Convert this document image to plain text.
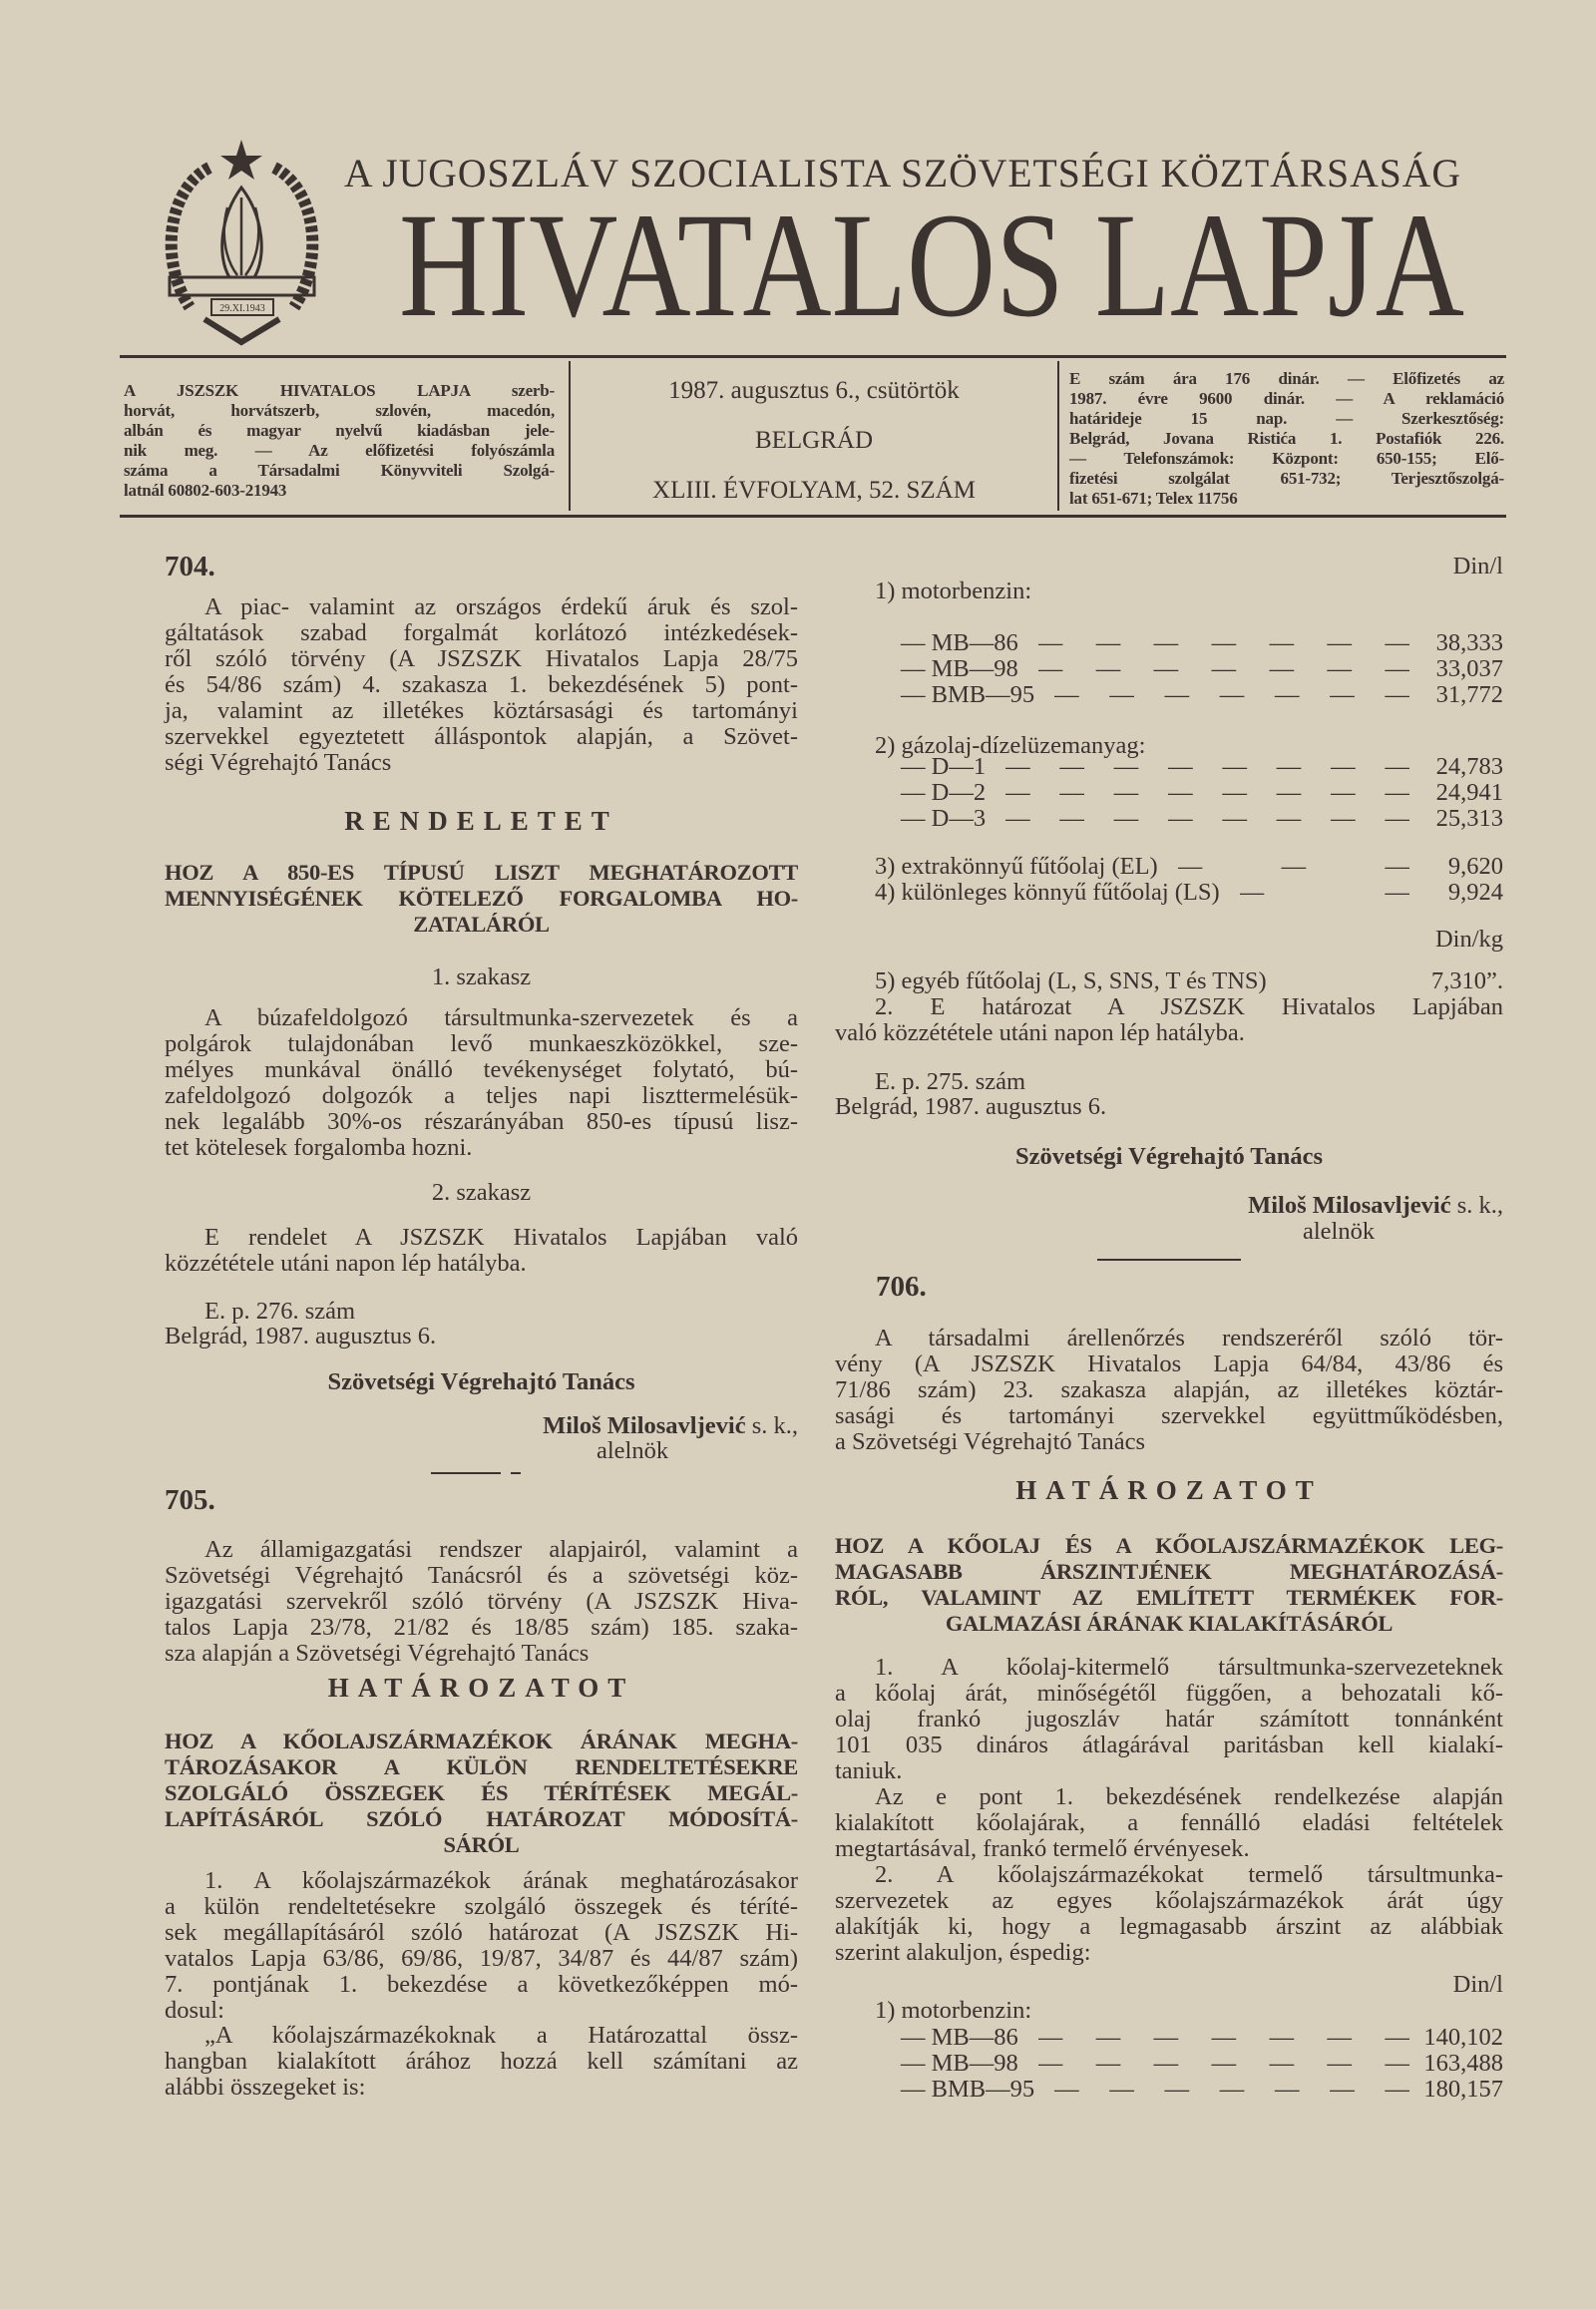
29.XI.1943
A JUGOSZLÁV SZOCIALISTA SZÖVETSÉGI KÖZTÁRSASÁG
HIVATALOS LAPJA
A JSZSZK HIVATALOS LAPJA szerb-
horvát, horvátszerb, szlovén, macedón,
albán és magyar nyelvű kiadásban jele-
nik meg. — Az előfizetési folyószámla
száma a Társadalmi Könyvviteli Szolgá-
latnál 60802-603-21943
1987. augusztus 6., csütörtök
BELGRÁD
XLIII. ÉVFOLYAM, 52. SZÁM
E szám ára 176 dinár. — Előfizetés az
1987. évre 9600 dinár. — A reklamáció
határideje 15 nap. — Szerkesztőség:
Belgrád, Jovana Ristića 1. Postafiók 226.
— Telefonszámok: Központ: 650-155; Elő-
fizetési szolgálat 651-732; Terjesztőszolgá-
lat 651-671; Telex 11756
704.
A piac- valamint az országos érdekű áruk és szol-
gáltatások szabad forgalmát korlátozó intézkedések-
ről szóló törvény (A JSZSZK Hivatalos Lapja 28/75
és 54/86 szám) 4. szakasza 1. bekezdésének 5) pont-
ja, valamint az illetékes köztársasági és tartományi
szervekkel egyeztetett álláspontok alapján, a Szövet-
ségi Végrehajtó Tanács
RENDELETET
HOZ A 850-ES TÍPUSÚ LISZT MEGHATÁROZOTT
MENNYISÉGÉNEK KÖTELEZŐ FORGALOMBA HO-
ZATALÁRÓL
1. szakasz
A búzafeldolgozó társultmunka-szervezetek és a
polgárok tulajdonában levő munkaeszközökkel, sze-
mélyes munkával önálló tevékenységet folytató, bú-
zafeldolgozó dolgozók a teljes napi liszttermelésük-
nek legalább 30%-os részarányában 850-es típusú lisz-
tet kötelesek forgalomba hozni.
2. szakasz
E rendelet A JSZSZK Hivatalos Lapjában való
közzététele utáni napon lép hatályba.
E. p. 276. szám
Belgrád, 1987. augusztus 6.
Szövetségi Végrehajtó Tanács
Miloš Milosavljević s. k.,
alelnök
705.
Az államigazgatási rendszer alapjairól, valamint a
Szövetségi Végrehajtó Tanácsról és a szövetségi köz-
igazgatási szervekről szóló törvény (A JSZSZK Hiva-
talos Lapja 23/78, 21/82 és 18/85 szám) 185. szaka-
sza alapján a Szövetségi Végrehajtó Tanács
HATÁROZATOT
HOZ A KŐOLAJSZÁRMAZÉKOK ÁRÁNAK MEGHA-
TÁROZÁSAKOR A KÜLÖN RENDELTETÉSEKRE
SZOLGÁLÓ ÖSSZEGEK ÉS TÉRÍTÉSEK MEGÁL-
LAPÍTÁSÁRÓL SZÓLÓ HATÁROZAT MÓDOSÍTÁ-
SÁRÓL
1. A kőolajszármazékok árának meghatározásakor
a külön rendeltetésekre szolgáló összegek és téríté-
sek megállapításáról szóló határozat (A JSZSZK Hi-
vatalos Lapja 63/86, 69/86, 19/87, 34/87 és 44/87 szám)
7. pontjának 1. bekezdése a következőképpen mó-
dosul:
„A kőolajszármazékoknak a Határozattal össz-
hangban kialakított árához hozzá kell számítani az
alábbi összegeket is:
Din/l
1) motorbenzin:
— MB—86 — — — — — — —	38,333
— MB—98 — — — — — — —	33,037
— BMB—95 — — — — — — —	31,772
2) gázolaj-dízelüzemanyag:
— D—1 — — — — — — — —	24,783
— D—2 — — — — — — — —	24,941
— D—3 — — — — — — — —	25,313
3) extrakönnyű fűtőolaj (EL) — — —	9,620
4) különleges könnyű fűtőolaj (LS) — —	9,924
Din/kg
5) egyéb fűtőolaj (L, S, SNS, T és TNS)	7,310”.
2. E határozat A JSZSZK Hivatalos Lapjában
való közzététele utáni napon lép hatályba.
E. p. 275. szám
Belgrád, 1987. augusztus 6.
Szövetségi Végrehajtó Tanács
Miloš Milosavljević s. k.,
alelnök
706.
A társadalmi árellenőrzés rendszeréről szóló tör-
vény (A JSZSZK Hivatalos Lapja 64/84, 43/86 és
71/86 szám) 23. szakasza alapján, az illetékes köztár-
sasági és tartományi szervekkel együttműködésben,
a Szövetségi Végrehajtó Tanács
HATÁROZATOT
HOZ A KŐOLAJ ÉS A KŐOLAJSZÁRMAZÉKOK LEG-
MAGASABB ÁRSZINTJÉNEK MEGHATÁROZÁSÁ-
RÓL, VALAMINT AZ EMLÍTETT TERMÉKEK FOR-
GALMAZÁSI ÁRÁNAK KIALAKÍTÁSÁRÓL
1. A kőolaj-kitermelő társultmunka-szervezeteknek
a kőolaj árát, minőségétől függően, a behozatali kő-
olaj frankó jugoszláv határ számított tonnánként
101 035 dináros átlagárával paritásban kell kialakí-
taniuk.
Az e pont 1. bekezdésének rendelkezése alapján
kialakított kőolajárak, a fennálló eladási feltételek
megtartásával, frankó termelő érvényesek.
2. A kőolajszármazékokat termelő társultmunka-
szervezetek az egyes kőolajszármazékok árát úgy
alakítják ki, hogy a legmagasabb árszint az alábbiak
szerint alakuljon, éspedig:
Din/l
1) motorbenzin:
— MB—86 — — — — — — — 140,102
— MB—98 — — — — — — — 163,488
— BMB—95 — — — — — — — 180,157
